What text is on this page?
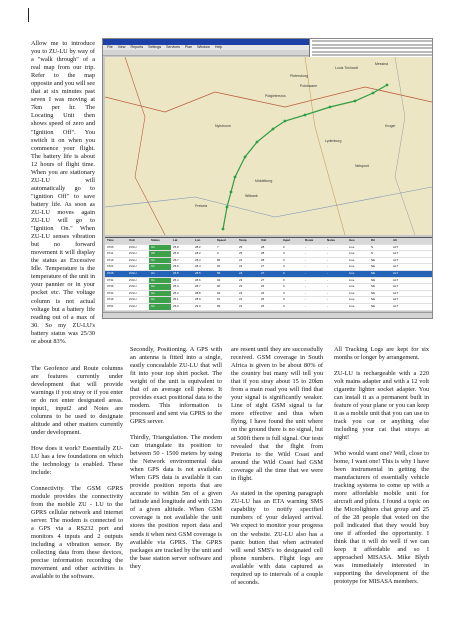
Allow me to introduce you to ZU-LU by way of a "walk through" of a real map from our trip. Refer to the map opposite and you will see that at six minutes past seven I was moving at 7km per hr. The Locating Unit then shows speed of zero and "Ignition Off". You switch it on when you commence your flight. The battery life is about 12 hours of flight time. When you are stationary ZU-LU will automatically go to "ignition Off" to save battery life. As soon as ZU-LU moves again ZU-LU will go to "Ignition On." When ZU-LU senses vibration but no forward movement it will display the status as Excessive Idle. Temperature is the temperature of the unit in your pannier or in your pocket etc. The voltage column is not actual voltage but a battery life reading out of a max of 30. So my ZU-LU's battery status was 25/30 or about 83%.

File View Reports Settings Services Plan Window Help
Pietersburg
Louis Trichardt
Messina
Potgietersrus
Nylstroom
Pretoria
Nelspruit
Middelburg
Lydenburg
Witbank
Kruger
Polokwane
Time	Unit	Status	Lat	Lon	Speed	Temp	Volt	Input	Route	Notes	Geo	Dir	Alt
0706	ZULU	On	25.8	28.2	7	25	28	0	-	-	Live	N	ALT
0711	ZULU	Off	25.8	28.2	0	25	28	0	-	-	Live	N	ALT
0716	ZULU	On	25.7	28.3	86	24	28	0	-	-	Live	NE	ALT
0721	ZULU	On	25.6	28.4	92	24	27	0	-	-	Live	NE	ALT
0726	ZULU	On	25.5	28.5	95	24	27	0	-	-	Live	NE	ALT
0731	ZULU	On	25.4	28.6	94	23	27	0	-	-	Live	NE	ALT
0736	ZULU	On	25.3	28.7	90	23	26	0	-	-	Live	NE	ALT
0741	ZULU	On	25.2	28.8	93	23	26	0	-	-	Live	NE	ALT
0746	ZULU	On	25.1	28.9	91	22	26	0	-	-	Live	NE	ALT
0751	ZULU	On	25.0	29.0	89	22	25	0	-	-	Live	NE	ALT

The Geofence and Route columns are features currently under development that will provide warnings if you stray or if you enter or do not enter designated areas. input1, input2 and Notes are columns to be used to designate altitude and other matters currently under development.

How does it work? Essentially ZU-LU has a few foundations on which the technology is enabled. These include:

Connectivity. The GSM GPRS module provides the connectivity from the mobile ZU - LU to the GPRS cellular network and internet server. The modem is connected to a GPS via a RS232 port and monitors 4 inputs and 2 outputs including a vibration sensor. By collecting data from these devices, precise information recording the movement and other activities is available to the software.

Secondly, Positioning. A GPS with an antenna is fitted into a single, easily concealable ZU-LU that will fit into your top shirt pocket. The weight of the unit is equivalent to that of an average cell phone. It provides exact positional data to the modem. This information is processed and sent via GPRS to the GPRS server.

Thirdly, Triangulation. The modem can triangulate its position to between 50 - 1500 meters by using the Network environmental data when GPS data is not available. When GPS data is available it can provide position reports that are accurate to within 5m of a given latitude and longitude and with 12m of a given altitude. When GSM coverage is not available the unit stores the position report data and sends it when next GSM coverage is available via GPRS. The GPRS packages are tracked by the unit and the base station server software and they

are resent until they are successfully received. GSM coverage in South Africa is given to be about 80% of the country but many will tell you that if you stray about 15 to 20km from a main road you will find that your signal is significantly weaker. Line of sight GSM signal is far more effective and thus when flying, I have found the unit where on the ground there is no signal, but at 500ft there is full signal. Our tests revealed that the flight from Pretoria to the Wild Coast and around the Wild Coast had GSM coverage all the time that we were in flight.

As stated in the opening paragraph ZU-LU has an ETA warning SMS capability to notify specified numbers of your delayed arrival. We expect to monitor your progress on the website. ZU-LU also has a panic button that when activated will send SMS's to designated cell phone numbers. Flight logs are available with data captured as required up to intervals of a couple of seconds.

All Tracking Logs are kept for six months or longer by arrangement.

ZU-LU is rechargeable with a 220 volt mains adapter and with a 12 volt cigarette lighter socket adapter. You can install it as a permanent built in feature of your plane or you can keep it as a mobile unit that you can use to track you car or anything else including your cat that strays at night!

Who would want one? Well, close to home, I want one! This is why I have been instrumental in getting the manufacturers of essentially vehicle tracking systems to come up with a more affordable mobile unit for aircraft and pilots. I found a topic on the Microlighters chat group and 25 of the 28 people that voted on the poll indicated that they would buy one if afforded the opportunity. I think that it will do well if we can keep it affordable and so I approached MISASA. Mike Blyth was immediately interested in supporting the development of the prototype for MISASA members.
